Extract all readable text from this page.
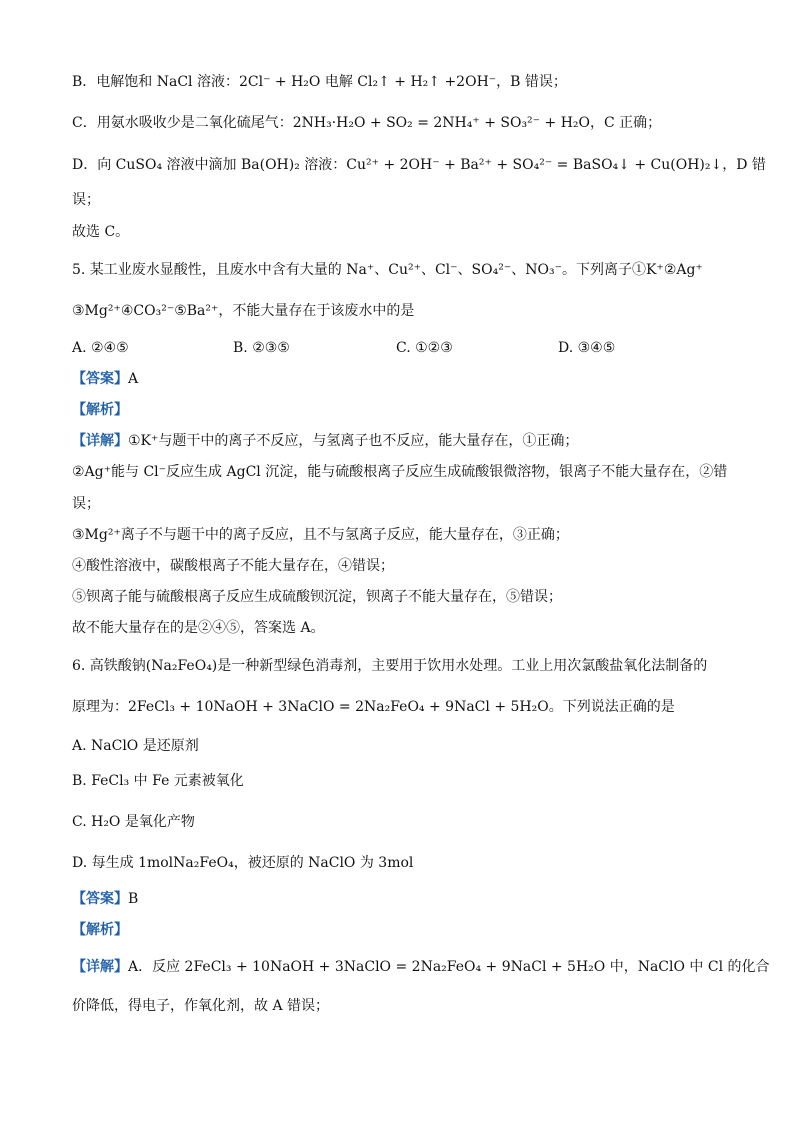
B．电解饱和 NaCl 溶液：2Cl⁻ + H₂O 电解 Cl₂↑ + H₂↑ +2OH⁻，B 错误；
C．用氨水吸收少是二氧化硫尾气：2NH₃·H₂O + SO₂ = 2NH₄⁺ + SO₃²⁻ + H₂O，C 正确；
D．向 CuSO₄ 溶液中滴加 Ba(OH)₂ 溶液：Cu²⁺ + 2OH⁻ + Ba²⁺ + SO₄²⁻ = BaSO₄↓ + Cu(OH)₂↓，D 错
误；
故选 C。
5. 某工业废水显酸性，且废水中含有大量的 Na⁺、Cu²⁺、Cl⁻、SO₄²⁻、NO₃⁻。下列离子①K⁺②Ag⁺
③Mg²⁺④CO₃²⁻⑤Ba²⁺，不能大量存在于该废水中的是
A. ②④⑤	B. ②③⑤	C. ①②③	D. ③④⑤
【答案】A
【解析】
【详解】①K⁺与题干中的离子不反应，与氢离子也不反应，能大量存在，①正确；
②Ag⁺能与 Cl⁻反应生成 AgCl 沉淀，能与硫酸根离子反应生成硫酸银微溶物，银离子不能大量存在，②错
误；
③Mg²⁺离子不与题干中的离子反应，且不与氢离子反应，能大量存在，③正确；
④酸性溶液中，碳酸根离子不能大量存在，④错误；
⑤钡离子能与硫酸根离子反应生成硫酸钡沉淀，钡离子不能大量存在，⑤错误；
故不能大量存在的是②④⑤，答案选 A。
6. 高铁酸钠(Na₂FeO₄)是一种新型绿色消毒剂，主要用于饮用水处理。工业上用次氯酸盐氧化法制备的
原理为：2FeCl₃ + 10NaOH + 3NaClO = 2Na₂FeO₄ + 9NaCl + 5H₂O。下列说法正确的是
A. NaClO 是还原剂
B. FeCl₃ 中 Fe 元素被氧化
C. H₂O 是氧化产物
D. 每生成 1molNa₂FeO₄，被还原的 NaClO 为 3mol
【答案】B
【解析】
【详解】A．反应 2FeCl₃ + 10NaOH + 3NaClO = 2Na₂FeO₄ + 9NaCl + 5H₂O 中，NaClO 中 Cl 的化合
价降低，得电子，作氧化剂，故 A 错误；
